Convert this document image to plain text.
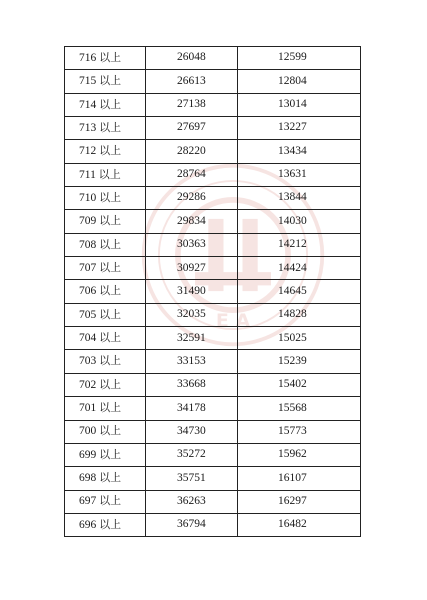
E A
716 以上	26048	12599
715 以上	26613	12804
714 以上	27138	13014
713 以上	27697	13227
712 以上	28220	13434
711 以上	28764	13631
710 以上	29286	13844
709 以上	29834	14030
708 以上	30363	14212
707 以上	30927	14424
706 以上	31490	14645
705 以上	32035	14828
704 以上	32591	15025
703 以上	33153	15239
702 以上	33668	15402
701 以上	34178	15568
700 以上	34730	15773
699 以上	35272	15962
698 以上	35751	16107
697 以上	36263	16297
696 以上	36794	16482
